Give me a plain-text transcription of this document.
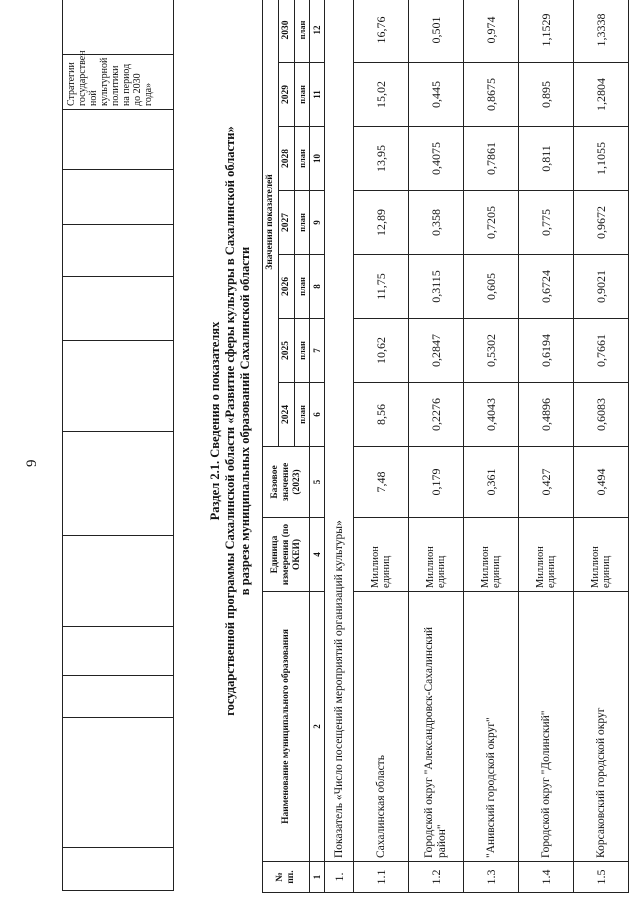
9
											Стратегии государствен ной культурной политики на период до 2030 года»	
Раздел 2.1. Сведения о показателях государственной программы Сахалинской области «Развитие сферы культуры в Сахалинской области» в разрезе муниципальных образований Сахалинской области
№ пп.	Наименование муниципального образования	Единица измерения (по ОКЕИ)	Базовое значение (2023)	Значения показателей						
				2024	2025	2026	2027	2028	2029	2030
				план	план	план	план	план	план	план
1	2	4	5	6	7	8	9	10	11	12
1.	Показатель «Число посещений мероприятий организаций культуры»									
1.1	Сахалинская область	Миллион единиц	7,48	8,56	10,62	11,75	12,89	13,95	15,02	16,76
1.2	Городской округ "Александровск-Сахалинский район"	Миллион единиц	0,179	0,2276	0,2847	0,3115	0,358	0,4075	0,445	0,501
1.3	"Анивский городской округ"	Миллион единиц	0,361	0,4043	0,5302	0,605	0,7205	0,7861	0,8675	0,974
1.4	Городской округ "Долинский"	Миллион единиц	0,427	0,4896	0,6194	0,6724	0,775	0,811	0,895	1,1529
1.5	Корсаковский городской округ	Миллион единиц	0,494	0,6083	0,7661	0,9021	0,9672	1,1055	1,2804	1,3338
